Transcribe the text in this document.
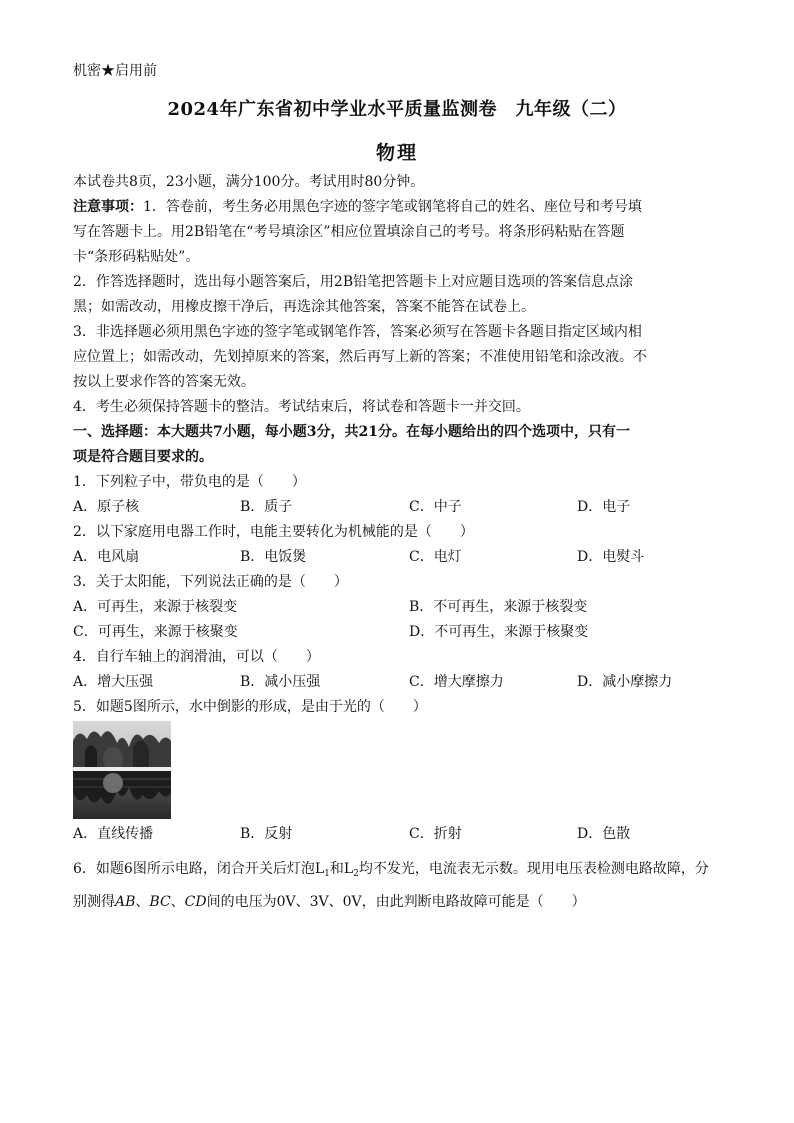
机密★启用前
2024年广东省初中学业水平质量监测卷　九年级（二）
物理
本试卷共8页，23小题，满分100分。考试用时80分钟。
注意事项：1．答卷前，考生务必用黑色字迹的签字笔或钢笔将自己的姓名、座位号和考号填
写在答题卡上。用2B铅笔在“考号填涂区”相应位置填涂自己的考号。将条形码粘贴在答题
卡“条形码粘贴处”。
2．作答选择题时，选出每小题答案后，用2B铅笔把答题卡上对应题目选项的答案信息点涂
黑；如需改动，用橡皮擦干净后，再选涂其他答案，答案不能答在试卷上。
3．非选择题必须用黑色字迹的签字笔或钢笔作答，答案必须写在答题卡各题目指定区域内相
应位置上；如需改动，先划掉原来的答案，然后再写上新的答案；不准使用铅笔和涂改液。不
按以上要求作答的答案无效。
4．考生必须保持答题卡的整洁。考试结束后，将试卷和答题卡一并交回。
一、选择题：本大题共7小题，每小题3分，共21分。在每小题给出的四个选项中，只有一
项是符合题目要求的。
1．下列粒子中，带负电的是（　　）
A．原子核	B．质子	C．中子	D．电子
2．以下家庭用电器工作时，电能主要转化为机械能的是（　　）
A．电风扇	B．电饭煲	C．电灯	D．电熨斗
3．关于太阳能，下列说法正确的是（　　）
A．可再生，来源于核裂变	B．不可再生，来源于核裂变
C．可再生，来源于核聚变	D．不可再生，来源于核聚变
4．自行车轴上的润滑油，可以（　　）
A．增大压强	B．减小压强	C．增大摩擦力	D．减小摩擦力
5．如题5图所示，水中倒影的形成，是由于光的（　　）
A．直线传播	B．反射	C．折射	D．色散
6．如题6图所示电路，闭合开关后灯泡$L_1$和$L_2$均不发光，电流表无示数。现用电压表检测电路故障，分
别测得AB、BC、CD间的电压为0V、3V、0V，由此判断电路故障可能是（　　）
